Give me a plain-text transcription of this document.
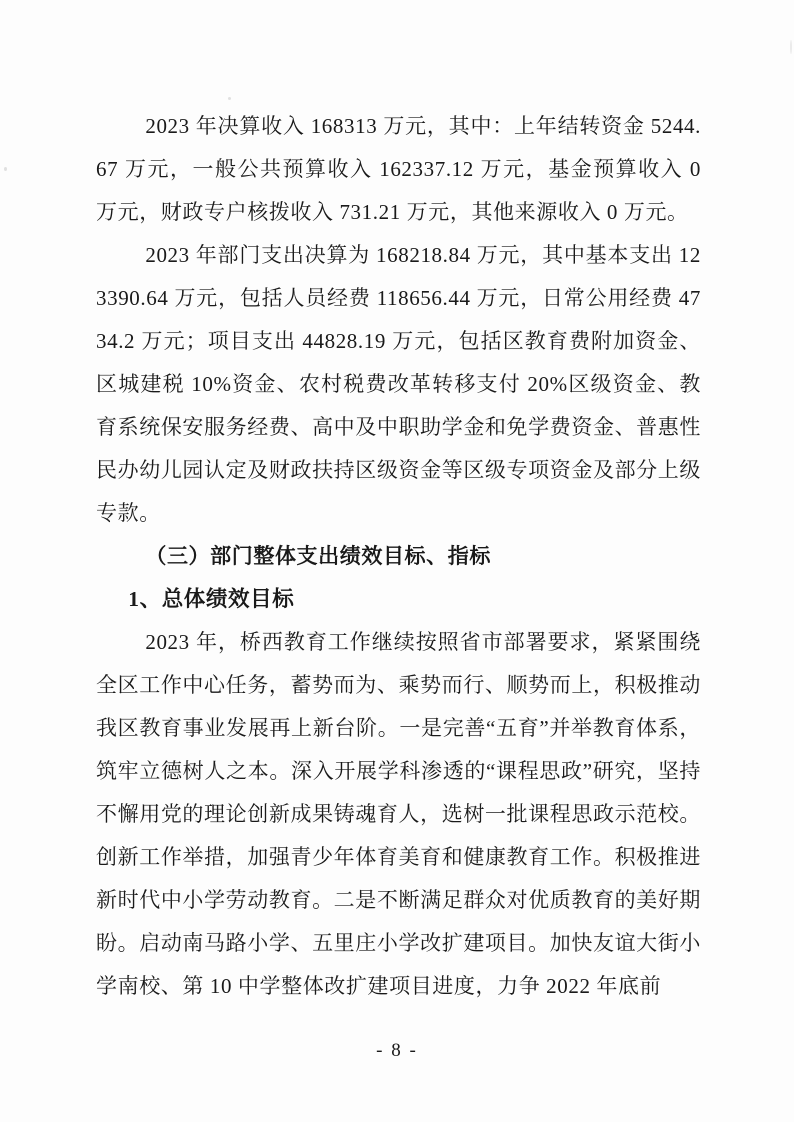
2023 年决算收入 168313 万元，其中：上年结转资金 5244.67 万元，一般公共预算收入 162337.12 万元，基金预算收入 0 万元，财政专户核拨收入 731.21 万元，其他来源收入 0 万元。

2023 年部门支出决算为 168218.84 万元，其中基本支出 123390.64 万元，包括人员经费 118656.44 万元，日常公用经费 4734.2 万元；项目支出 44828.19 万元，包括区教育费附加资金、区城建税 10%资金、农村税费改革转移支付 20%区级资金、教育系统保安服务经费、高中及中职助学金和免学费资金、普惠性民办幼儿园认定及财政扶持区级资金等区级专项资金及部分上级专款。

（三）部门整体支出绩效目标、指标
1、总体绩效目标

2023 年，桥西教育工作继续按照省市部署要求，紧紧围绕全区工作中心任务，蓄势而为、乘势而行、顺势而上，积极推动我区教育事业发展再上新台阶。一是完善“五育”并举教育体系，筑牢立德树人之本。深入开展学科渗透的“课程思政”研究，坚持不懈用党的理论创新成果铸魂育人，选树一批课程思政示范校。创新工作举措，加强青少年体育美育和健康教育工作。积极推进新时代中小学劳动教育。二是不断满足群众对优质教育的美好期盼。启动南马路小学、五里庄小学改扩建项目。加快友谊大街小学南校、第 10 中学整体改扩建项目进度，力争 2022 年底前

- 8 -
